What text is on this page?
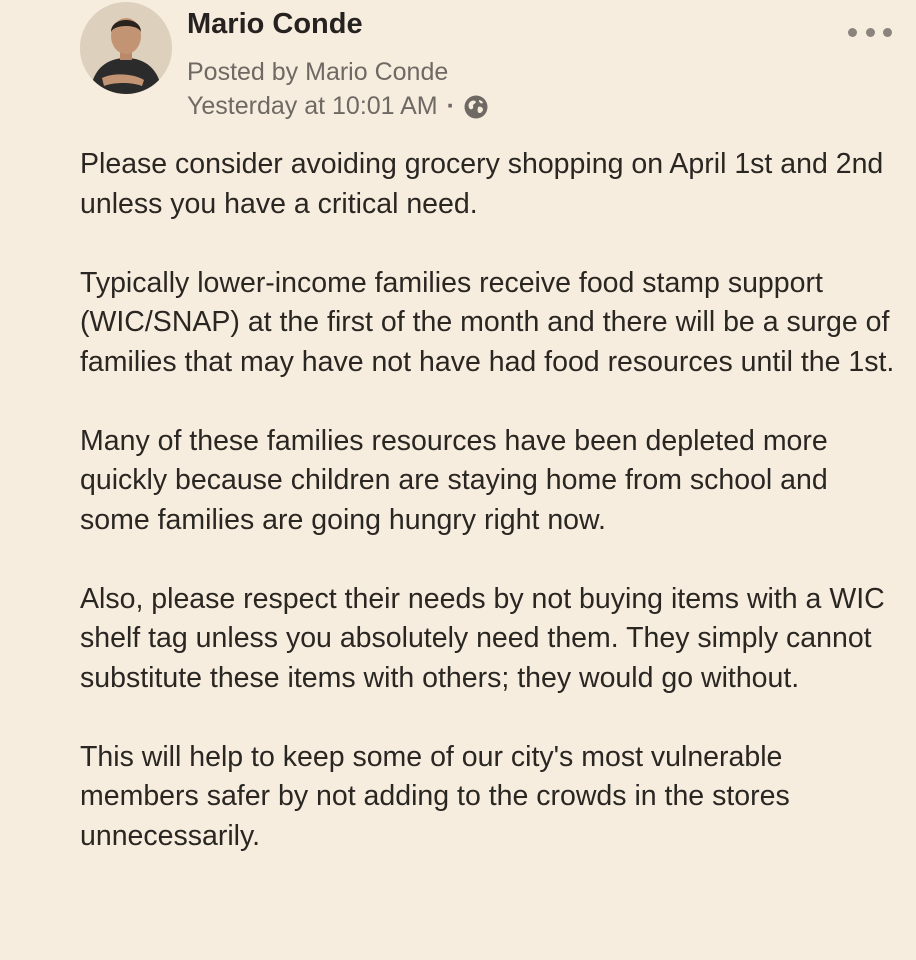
Mario Conde
Posted by Mario Conde
Yesterday at 10:01 AM ·

Please consider avoiding grocery shopping on April 1st and 2nd unless you have a critical need.

Typically lower-income families receive food stamp support (WIC/SNAP) at the first of the month and there will be a surge of families that may have not have had food resources until the 1st.

Many of these families resources have been depleted more quickly because children are staying home from school and some families are going hungry right now.

Also, please respect their needs by not buying items with a WIC shelf tag unless you absolutely need them. They simply cannot substitute these items with others; they would go without.

This will help to keep some of our city's most vulnerable members safer by not adding to the crowds in the stores unnecessarily.
